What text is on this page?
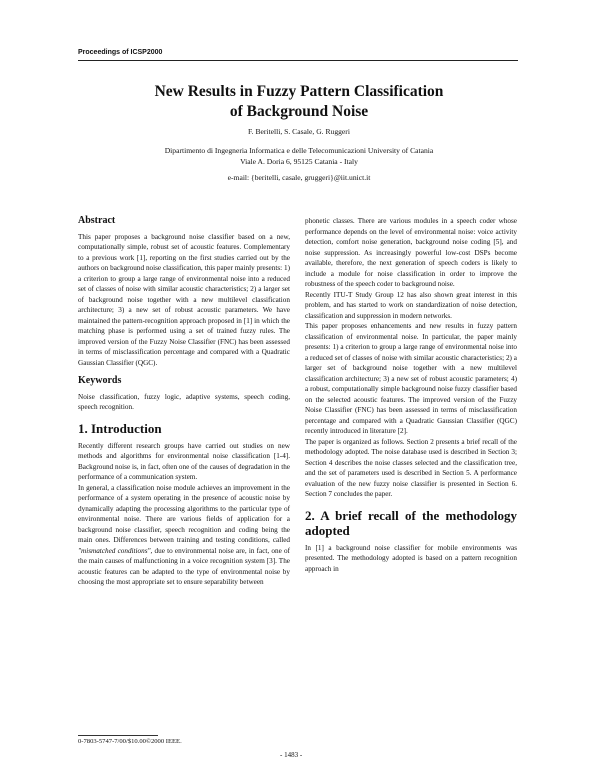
Proceedings of ICSP2000
New Results in Fuzzy Pattern Classification
of Background Noise
F. Beritelli, S. Casale, G. Ruggeri
Dipartimento di Ingegneria Informatica e delle Telecomunicazioni University of Catania
Viale A. Doria 6, 95125 Catania - Italy
e-mail: {beritelli, casale, gruggeri}@iit.unict.it
Abstract

This paper proposes a background noise classifier based on a new, computationally simple, robust set of acoustic features. Complementary to a previous work [1], reporting on the first studies carried out by the authors on background noise classification, this paper mainly presents: 1) a criterion to group a large range of environmental noise into a reduced set of classes of noise with similar acoustic characteristics; 2) a larger set of background noise together with a new multilevel classification architecture; 3) a new set of robust acoustic parameters. We have maintained the pattern-recognition approach proposed in [1] in which the matching phase is performed using a set of trained fuzzy rules. The improved version of the Fuzzy Noise Classifier (FNC) has been assessed in terms of misclassification percentage and compared with a Quadratic Gaussian Classifier (QGC).

Keywords

Noise classification, fuzzy logic, adaptive systems, speech coding, speech recognition.

1. Introduction

Recently different research groups have carried out studies on new methods and algorithms for environmental noise classification [1-4]. Background noise is, in fact, often one of the causes of degradation in the performance of a communication system.

In general, a classification noise module achieves an improvement in the performance of a system operating in the presence of acoustic noise by dynamically adapting the processing algorithms to the particular type of environmental noise. There are various fields of application for a background noise classifier, speech recognition and coding being the main ones. Differences between training and testing conditions, called "mismatched conditions", due to environmental noise are, in fact, one of the main causes of malfunctioning in a voice recognition system [3]. The acoustic features can be adapted to the type of environmental noise by choosing the most appropriate set to ensure separability between

phonetic classes. There are various modules in a speech coder whose performance depends on the level of environmental noise: voice activity detection, comfort noise generation, background noise coding [5], and noise suppression. As increasingly powerful low-cost DSPs become available, therefore, the next generation of speech coders is likely to include a module for noise classification in order to improve the robustness of the speech coder to background noise.

Recently ITU-T Study Group 12 has also shown great interest in this problem, and has started to work on standardization of noise detection, classification and suppression in modern networks.

This paper proposes enhancements and new results in fuzzy pattern classification of environmental noise. In particular, the paper mainly presents: 1) a criterion to group a large range of environmental noise into a reduced set of classes of noise with similar acoustic characteristics; 2) a larger set of background noise together with a new multilevel classification architecture; 3) a new set of robust acoustic parameters; 4) a robust, computationally simple background noise fuzzy classifier based on the selected acoustic features. The improved version of the Fuzzy Noise Classifier (FNC) has been assessed in terms of misclassification percentage and compared with a Quadratic Gaussian Classifier (QGC) recently introduced in literature [2].

The paper is organized as follows. Section 2 presents a brief recall of the methodology adopted. The noise database used is described in Section 3; Section 4 describes the noise classes selected and the classification tree, and the set of parameters used is described in Section 5. A performance evaluation of the new fuzzy noise classifier is presented in Section 6. Section 7 concludes the paper.

2. A brief recall of the methodology adopted

In [1] a background noise classifier for mobile environments was presented. The methodology adopted is based on a pattern recognition approach in

0-7803-5747-7/00/$10.00©2000 IEEE.
- 1483 -
